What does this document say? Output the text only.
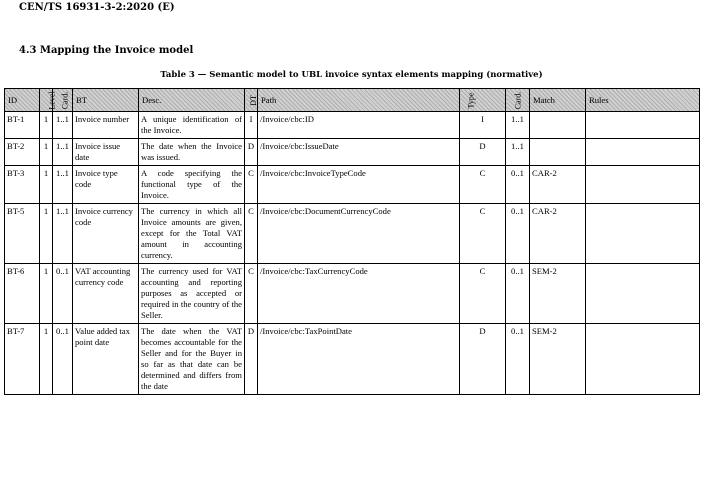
CEN/TS 16931-3-2:2020 (E)
4.3 Mapping the Invoice model
Table 3 — Semantic model to UBL invoice syntax elements mapping (normative)
ID	Level	Card.	BT	Desc.	DT	Path	Type	Card.	Match	Rules
BT-1	1	1..1	Invoice number	A unique identification of the Invoice.	I	/Invoice/cbc:ID	I	1..1		
BT-2	1	1..1	Invoice issue date	The date when the Invoice was issued.	D	/Invoice/cbc:IssueDate	D	1..1		
BT-3	1	1..1	Invoice type code	A code specifying the functional type of the Invoice.	C	/Invoice/cbc:InvoiceTypeCode	C	0..1	CAR-2	
BT-5	1	1..1	Invoice currency code	The currency in which all Invoice amounts are given, except for the Total VAT amount in accounting currency.	C	/Invoice/cbc:DocumentCurrencyCode	C	0..1	CAR-2	
BT-6	1	0..1	VAT accounting currency code	The currency used for VAT accounting and reporting purposes as accepted or required in the country of the Seller.	C	/Invoice/cbc:TaxCurrencyCode	C	0..1	SEM-2	
BT-7	1	0..1	Value added tax point date	The date when the VAT becomes accountable for the Seller and for the Buyer in so far as that date can be determined and differs from the date	D	/Invoice/cbc:TaxPointDate	D	0..1	SEM-2	
